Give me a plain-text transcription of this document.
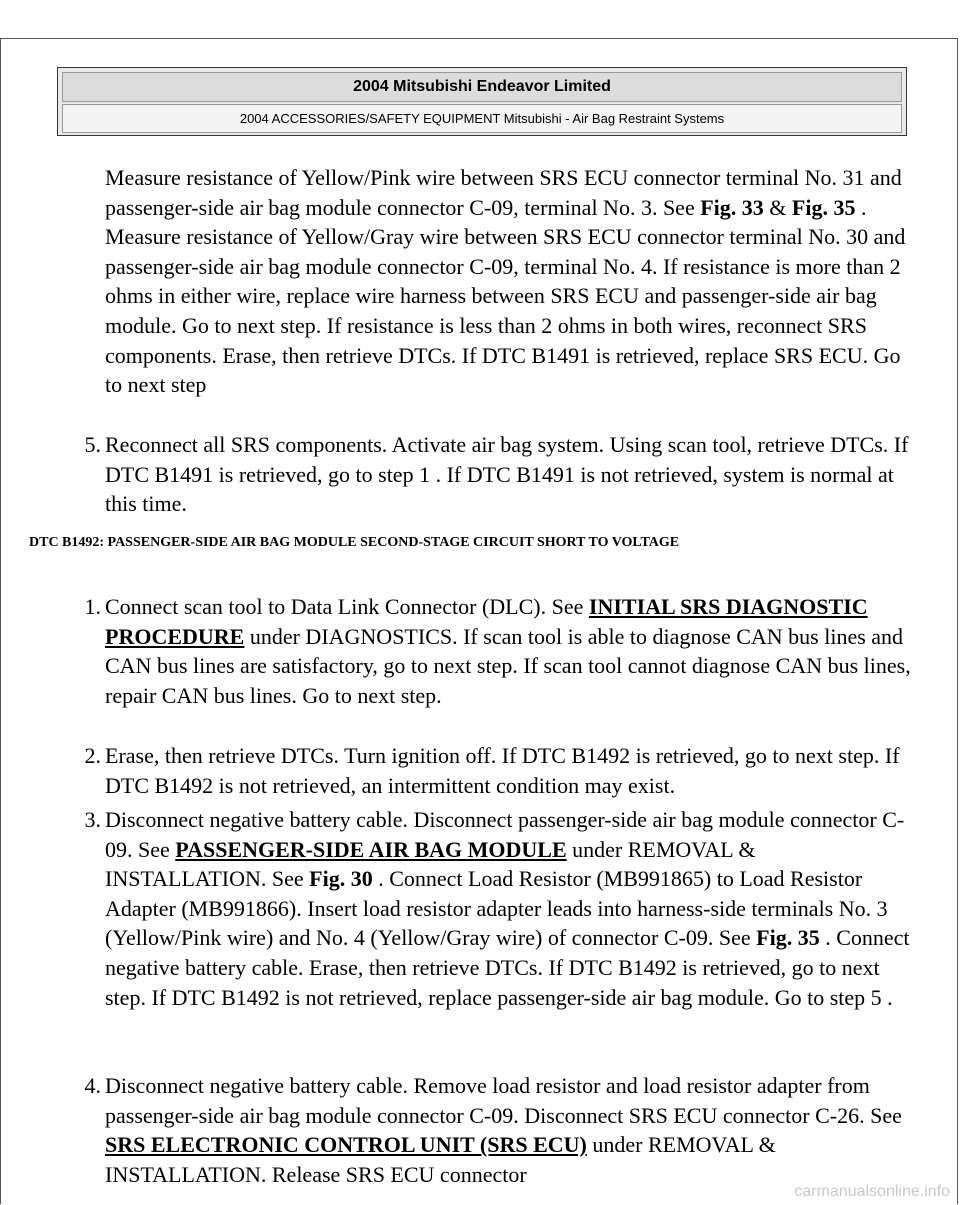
2004 Mitsubishi Endeavor Limited
2004 ACCESSORIES/SAFETY EQUIPMENT Mitsubishi - Air Bag Restraint Systems

Measure resistance of Yellow/Pink wire between SRS ECU connector terminal No. 31 and passenger-side air bag module connector C-09, terminal No. 3. See Fig. 33 & Fig. 35 . Measure resistance of Yellow/Gray wire between SRS ECU connector terminal No. 30 and passenger-side air bag module connector C-09, terminal No. 4. If resistance is more than 2 ohms in either wire, replace wire harness between SRS ECU and passenger-side air bag module. Go to next step. If resistance is less than 2 ohms in both wires, reconnect SRS components. Erase, then retrieve DTCs. If DTC B1491 is retrieved, replace SRS ECU. Go to next step

5. Reconnect all SRS components. Activate air bag system. Using scan tool, retrieve DTCs. If DTC B1491 is retrieved, go to step 1 . If DTC B1491 is not retrieved, system is normal at this time.

DTC B1492: PASSENGER-SIDE AIR BAG MODULE SECOND-STAGE CIRCUIT SHORT TO VOLTAGE

1. Connect scan tool to Data Link Connector (DLC). See INITIAL SRS DIAGNOSTIC PROCEDURE under DIAGNOSTICS. If scan tool is able to diagnose CAN bus lines and CAN bus lines are satisfactory, go to next step. If scan tool cannot diagnose CAN bus lines, repair CAN bus lines. Go to next step.

2. Erase, then retrieve DTCs. Turn ignition off. If DTC B1492 is retrieved, go to next step. If DTC B1492 is not retrieved, an intermittent condition may exist.

3. Disconnect negative battery cable. Disconnect passenger-side air bag module connector C-09. See PASSENGER-SIDE AIR BAG MODULE under REMOVAL & INSTALLATION. See Fig. 30 . Connect Load Resistor (MB991865) to Load Resistor Adapter (MB991866). Insert load resistor adapter leads into harness-side terminals No. 3 (Yellow/Pink wire) and No. 4 (Yellow/Gray wire) of connector C-09. See Fig. 35 . Connect negative battery cable. Erase, then retrieve DTCs. If DTC B1492 is retrieved, go to next step. If DTC B1492 is not retrieved, replace passenger-side air bag module. Go to step 5 .

4. Disconnect negative battery cable. Remove load resistor and load resistor adapter from passenger-side air bag module connector C-09. Disconnect SRS ECU connector C-26. See SRS ELECTRONIC CONTROL UNIT (SRS ECU) under REMOVAL & INSTALLATION. Release SRS ECU connector

carmanualsonline.info
